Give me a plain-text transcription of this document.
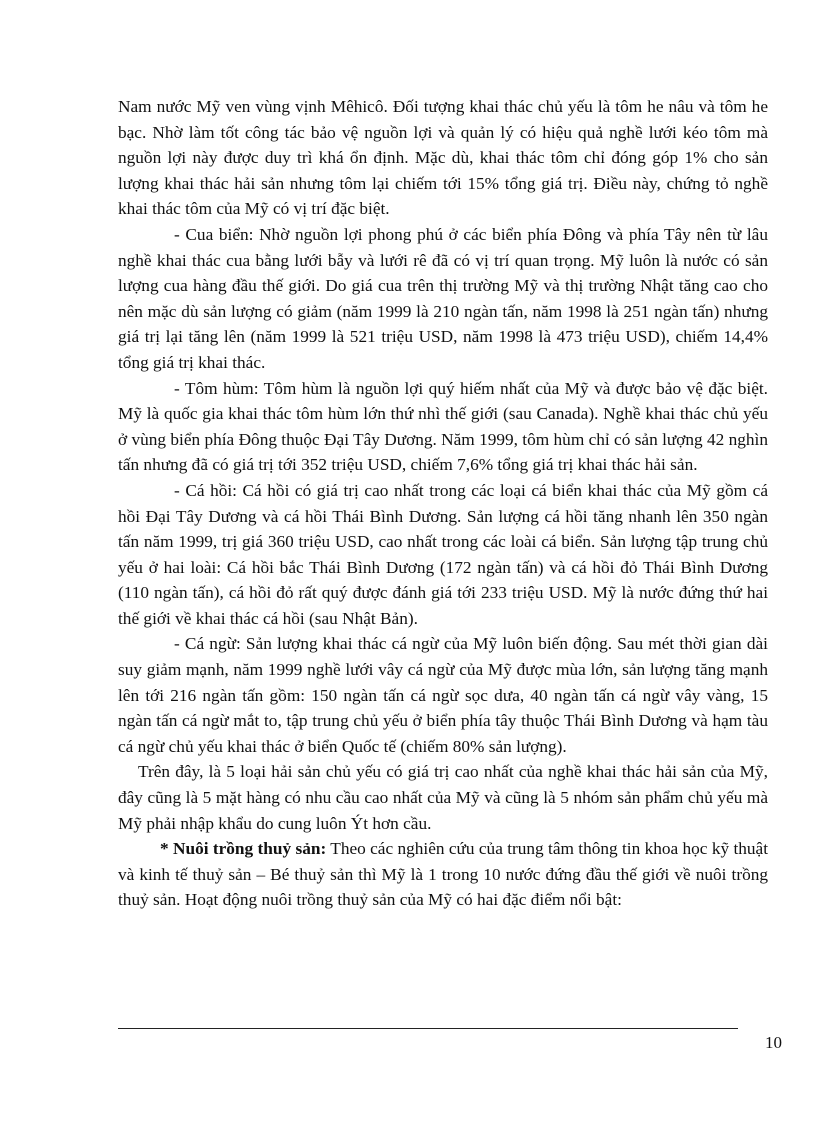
Nam nước Mỹ ven vùng vịnh Mêhicô. Đối tượng khai thác chủ yếu là tôm he nâu và tôm he bạc. Nhờ làm tốt công tác bảo vệ nguồn lợi và quản lý có hiệu quả nghề lưới kéo tôm mà nguồn lợi này được duy trì khá ổn định. Mặc dù, khai thác tôm chỉ đóng góp 1% cho sản lượng khai thác hải sản nhưng tôm lại chiếm tới 15% tổng giá trị. Điều này, chứng tỏ nghề khai thác tôm của Mỹ có vị trí đặc biệt.

- Cua biển: Nhờ nguồn lợi phong phú ở các biển phía Đông và phía Tây nên từ lâu nghề khai thác cua bằng lưới bẫy và lưới rê đã có vị trí quan trọng. Mỹ luôn là nước có sản lượng cua hàng đầu thế giới. Do giá cua trên thị trường Mỹ và thị trường Nhật tăng cao cho nên mặc dù sản lượng có giảm (năm 1999 là 210 ngàn tấn, năm 1998 là 251 ngàn tấn) nhưng giá trị lại tăng lên (năm 1999 là 521 triệu USD, năm 1998 là 473 triệu USD), chiếm 14,4% tổng giá trị khai thác.

- Tôm hùm: Tôm hùm là nguồn lợi quý hiếm nhất của Mỹ và được bảo vệ đặc biệt. Mỹ là quốc gia khai thác tôm hùm lớn thứ nhì thế giới (sau Canada). Nghề khai thác chủ yếu ở vùng biển phía Đông thuộc Đại Tây Dương. Năm 1999, tôm hùm chỉ có sản lượng 42 nghìn tấn nhưng đã có giá trị tới 352 triệu USD, chiếm 7,6% tổng giá trị khai thác hải sản.

- Cá hồi: Cá hồi có giá trị cao nhất trong các loại cá biển khai thác của Mỹ gồm cá hồi Đại Tây Dương và cá hồi Thái Bình Dương. Sản lượng cá hồi tăng nhanh lên 350 ngàn tấn năm 1999, trị giá 360 triệu USD, cao nhất trong các loài cá biển. Sản lượng tập trung chủ yếu ở hai loài: Cá hồi bắc Thái Bình Dương (172 ngàn tấn) và cá hồi đỏ Thái Bình Dương (110 ngàn tấn), cá hồi đỏ rất quý được đánh giá tới 233 triệu USD. Mỹ là nước đứng thứ hai thế giới về khai thác cá hồi (sau Nhật Bản).

- Cá ngừ: Sản lượng khai thác cá ngừ của Mỹ luôn biến động. Sau mét thời gian dài suy giảm mạnh, năm 1999 nghề lưới vây cá ngừ của Mỹ được mùa lớn, sản lượng tăng mạnh lên tới 216 ngàn tấn gồm: 150 ngàn tấn cá ngừ sọc dưa, 40 ngàn tấn cá ngừ vây vàng, 15 ngàn tấn cá ngừ mắt to, tập trung chủ yếu ở biển phía tây thuộc Thái Bình Dương và hạm tàu cá ngừ chủ yếu khai thác ở biển Quốc tế (chiếm 80% sản lượng).

Trên đây, là 5 loại hải sản chủ yếu có giá trị cao nhất của nghề khai thác hải sản của Mỹ, đây cũng là 5 mặt hàng có nhu cầu cao nhất của Mỹ và cũng là 5 nhóm sản phẩm chủ yếu mà Mỹ phải nhập khẩu do cung luôn Ýt hơn cầu.

* Nuôi trồng thuỷ sản: Theo các nghiên cứu của trung tâm thông tin khoa học kỹ thuật và kinh tế thuỷ sản – Bé thuỷ sản thì Mỹ là 1 trong 10 nước đứng đầu thế giới về nuôi trồng thuỷ sản. Hoạt động nuôi trồng thuỷ sản của Mỹ có hai đặc điểm nổi bật:

10
